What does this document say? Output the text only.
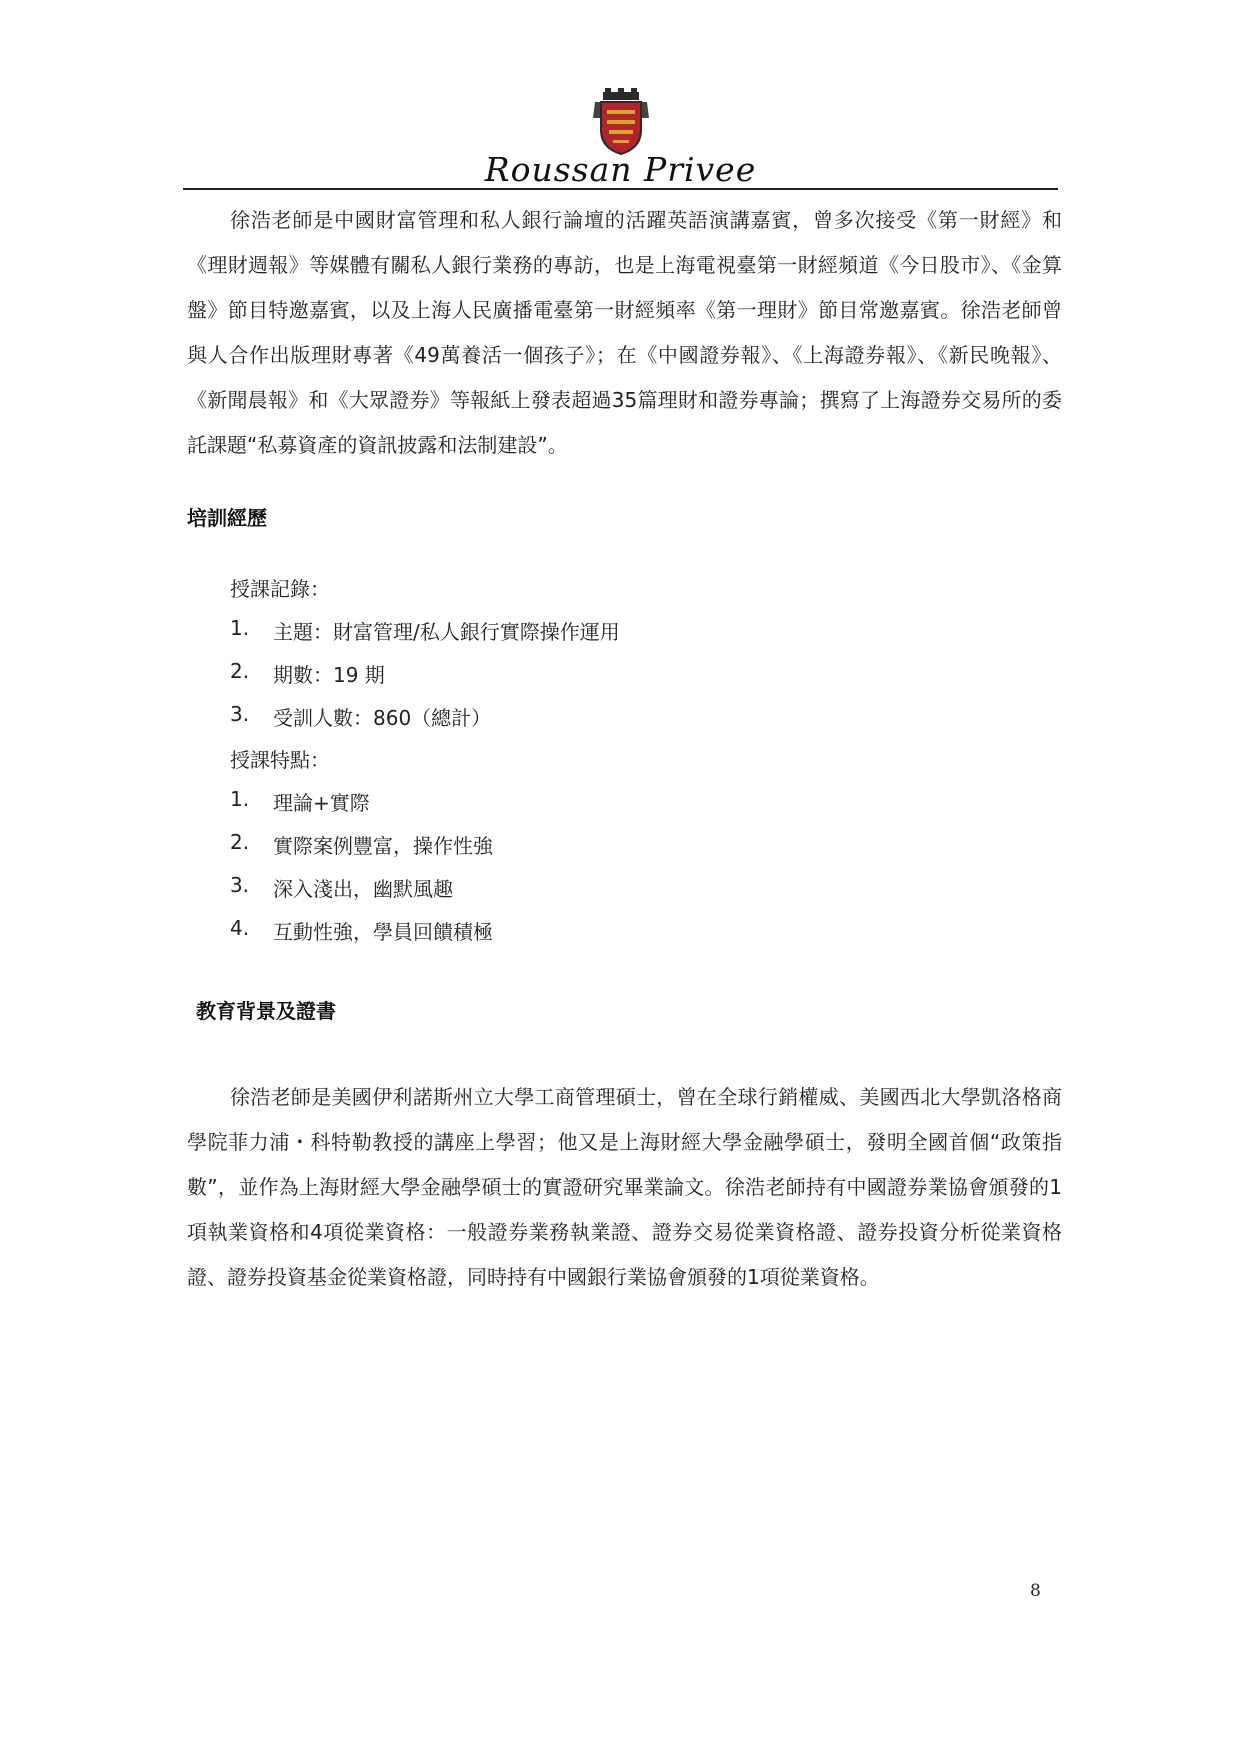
Roussan Privee

徐浩老師是中國財富管理和私人銀行論壇的活躍英語演講嘉賓，曾多次接受《第一財經》和《理財週報》等媒體有關私人銀行業務的專訪，也是上海電視臺第一財經頻道《今日股市》、《金算盤》節目特邀嘉賓，以及上海人民廣播電臺第一財經頻率《第一理財》節目常邀嘉賓。徐浩老師曾與人合作出版理財專著《49萬養活一個孩子》；在《中國證券報》、《上海證券報》、《新民晚報》、《新聞晨報》和《大眾證券》等報紙上發表超過35篇理財和證券專論；撰寫了上海證券交易所的委託課題“私募資產的資訊披露和法制建設”。

培訓經歷

授課記錄：

1.	主題：財富管理/私人銀行實際操作運用
2.	期數：19 期
3.	受訓人數：860（總計）

授課特點：

1.	理論+實際
2.	實際案例豐富，操作性強
3.	深入淺出，幽默風趣
4.	互動性強，學員回饋積極
教育背景及證書

徐浩老師是美國伊利諾斯州立大學工商管理碩士，曾在全球行銷權威、美國西北大學凱洛格商學院菲力浦・科特勒教授的講座上學習；他又是上海財經大學金融學碩士，發明全國首個“政策指數”，並作為上海財經大學金融學碩士的實證研究畢業論文。徐浩老師持有中國證券業協會頒發的1項執業資格和4項從業資格：一般證券業務執業證、證券交易從業資格證、證券投資分析從業資格證、證券投資基金從業資格證，同時持有中國銀行業協會頒發的1項從業資格。

8
